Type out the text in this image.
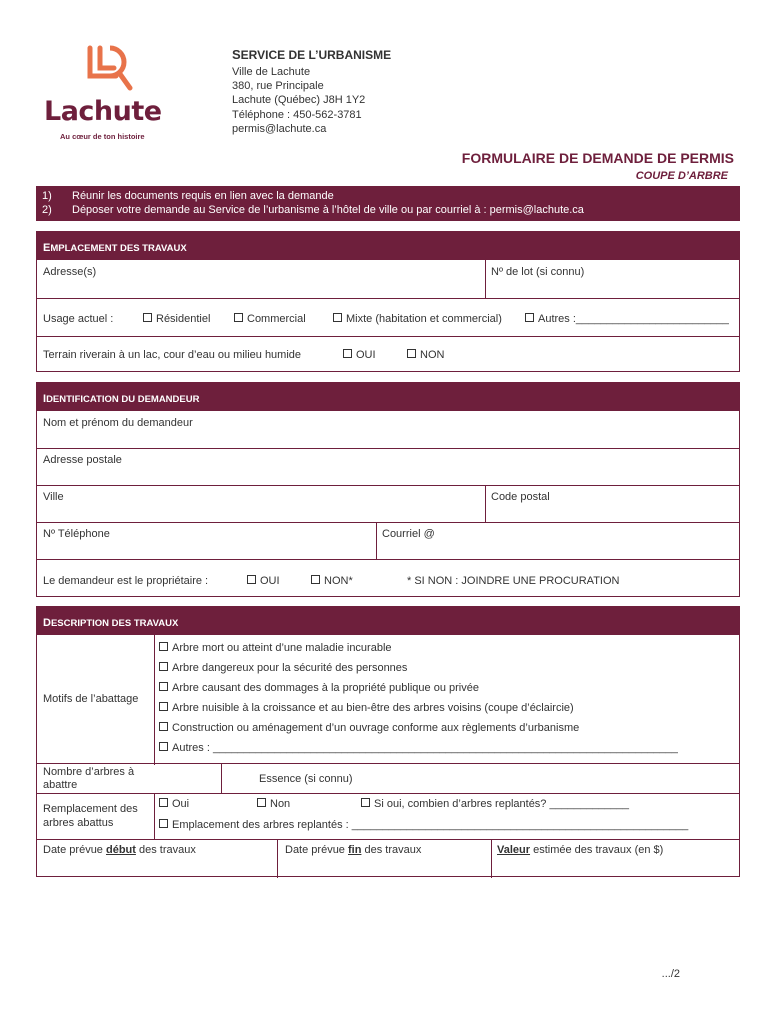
Lachute
Au cœur de ton histoire
SERVICE DE L’URBANISME
Ville de Lachute
380, rue Principale
Lachute (Québec) J8H 1Y2
Téléphone : 450-562-3781
permis@lachute.ca
FORMULAIRE DE DEMANDE DE PERMIS
COUPE D’ARBRE
1) Réunir les documents requis en lien avec la demande
2) Déposer votre demande au Service de l’urbanisme à l’hôtel de ville ou par courriel à : permis@lachute.ca
EMPLACEMENT DES TRAVAUX
Adresse(s)	Nº de lot (si connu)
Usage actuel :	Résidentiel	Commercial	Mixte (habitation et commercial)	Autres :_________________________
Terrain riverain à un lac, cour d’eau ou milieu humide	OUI	NON
IDENTIFICATION DU DEMANDEUR
Nom et prénom du demandeur
Adresse postale
Ville	Code postal
Nº Téléphone	Courriel @
Le demandeur est le propriétaire :	OUI	NON*	* SI NON : JOINDRE UNE PROCURATION
DESCRIPTION DES TRAVAUX
Motifs de l’abattage
Arbre mort ou atteint d’une maladie incurable
Arbre dangereux pour la sécurité des personnes
Arbre causant des dommages à la propriété publique ou privée
Arbre nuisible à la croissance et au bien-être des arbres voisins (coupe d’éclaircie)
Construction ou aménagement d’un ouvrage conforme aux règlements d’urbanisme
Autres : ____________________________________________________________________________
Nombre d’arbres à
abattre	Essence (si connu)
Remplacement des
arbres abattus
Oui	Non	Si oui, combien d’arbres replantés? _____________
Emplacement des arbres replantés : _______________________________________________________
Date prévue début des travaux	Date prévue fin des travaux	Valeur estimée des travaux (en $)
.../2
